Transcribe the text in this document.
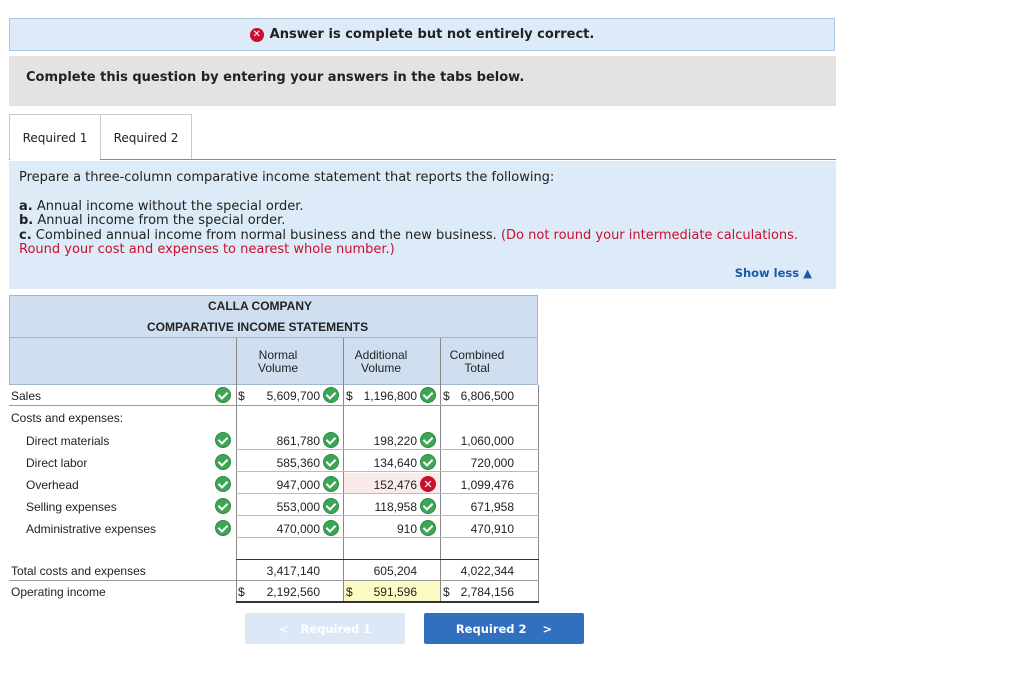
✕ Answer is complete but not entirely correct.
Complete this question by entering your answers in the tabs below.
Required 1	Required 2

Prepare a three-column comparative income statement that reports the following:

a. Annual income without the special order.

b. Annual income from the special order.

c. Combined annual income from normal business and the new business. (Do not round your intermediate calculations. Round your cost and expenses to nearest whole number.)

Show less ▲
CALLA COMPANY
COMPARATIVE INCOME STATEMENTS
Normal Volume
Additional Volume
Combined Total
Sales	$	5,609,700 $ 1,196,800 $ 6,806,500
Costs and expenses:
Direct materials	861,780	198,220	1,060,000
Direct labor	585,360	134,640	720,000
Overhead	947,000	152,476 ✕	1,099,476
Selling expenses	553,000	118,958	671,958
Administrative expenses	470,000	910	470,910
Total costs and expenses	3,417,140	605,204	4,022,344
Operating income	$	2,192,560 $	591,596 $ 2,784,156
< Required 1	Required 2 >
